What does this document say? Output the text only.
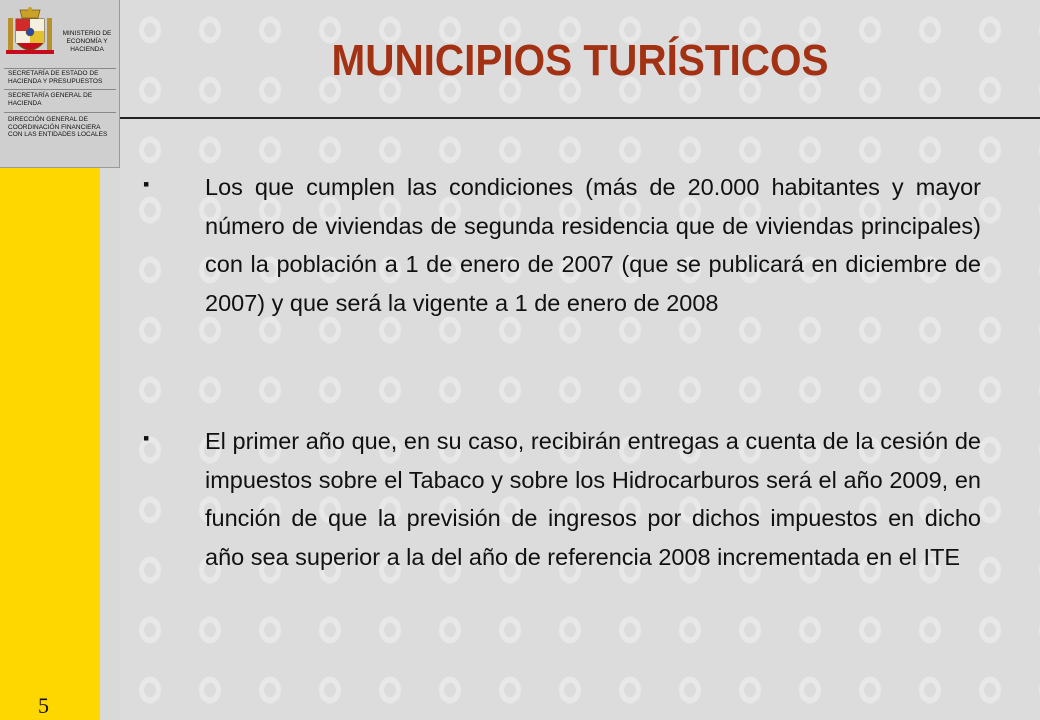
MINISTERIO DE ECONOMÍA Y HACIENDA
SECRETARÍA DE ESTADO DE HACIENDA Y PRESUPUESTOS
SECRETARÍA GENERAL DE HACIENDA
DIRECCIÓN GENERAL DE COORDINACIÓN FINANCIERA CON LAS ENTIDADES LOCALES
MUNICIPIOS TURÍSTICOS
▪ Los que cumplen las condiciones (más de 20.000 habitantes y mayor número de viviendas de segunda residencia que de viviendas principales) con la población a 1 de enero de 2007 (que se publicará en diciembre de 2007) y que será la vigente a 1 de enero de 2008
▪ El primer año que, en su caso, recibirán entregas a cuenta de la cesión de impuestos sobre el Tabaco y sobre los Hidrocarburos será el año 2009, en función de que la previsión de ingresos por dichos impuestos en dicho año sea superior a la del año de referencia 2008 incrementada en el ITE
5
